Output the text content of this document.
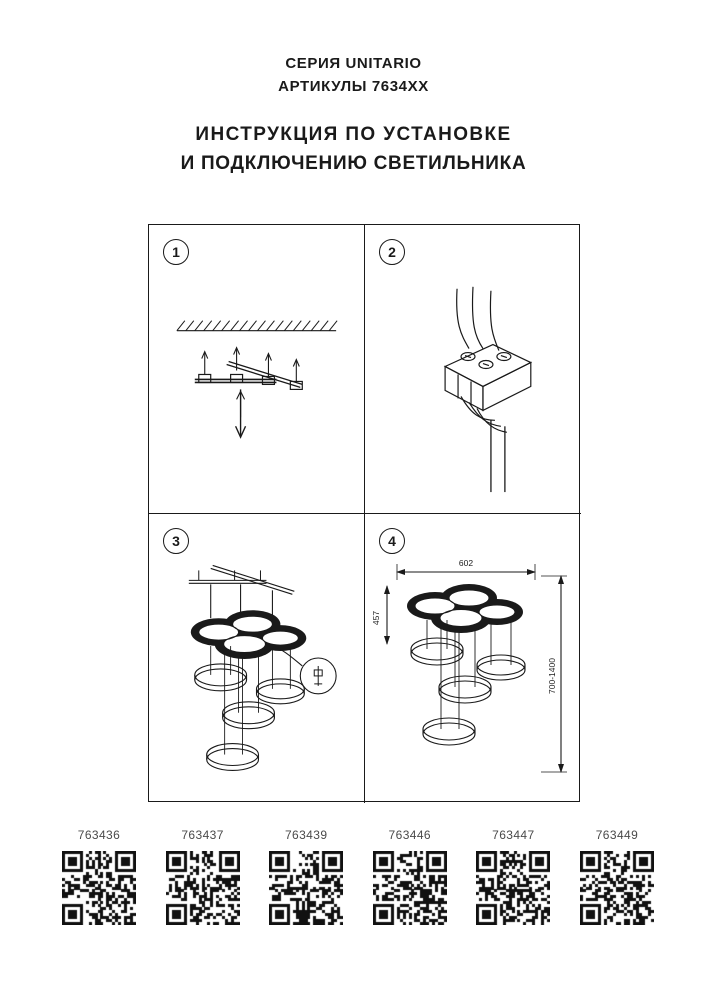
СЕРИЯ UNITARIO
АРТИКУЛЫ 7634ХХ
ИНСТРУКЦИЯ ПО УСТАНОВКЕ
И ПОДКЛЮЧЕНИЮ СВЕТИЛЬНИКА
1	2
3	4
602
457
700-1400
763436	763437	763439	763446	763447	763449
